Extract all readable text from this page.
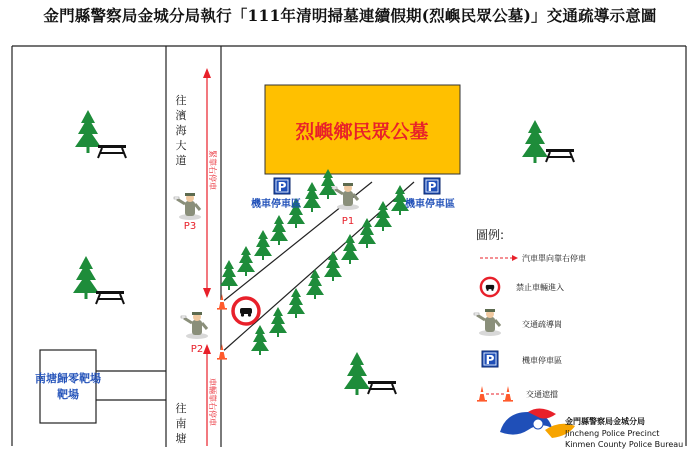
金門縣警察局金城分局執行「111年清明掃墓連續假期(烈嶼民眾公墓)」交通疏導示意圖
南塘歸零靶場
靶場
烈嶼鄉民眾公墓
往
濱
海
大
道
往
南
塘
緊靠右停車
車輛靠右停車
P
機車停車區
P
機車停車區
P1
P3
P2
圖例:
汽車單向靠右停車
禁止車輛進入
交通疏導崗
P	機車停車區
交通遮擋
金門縣警察局金城分局
Jincheng Police Precinct
Kinmen County Police Bureau
